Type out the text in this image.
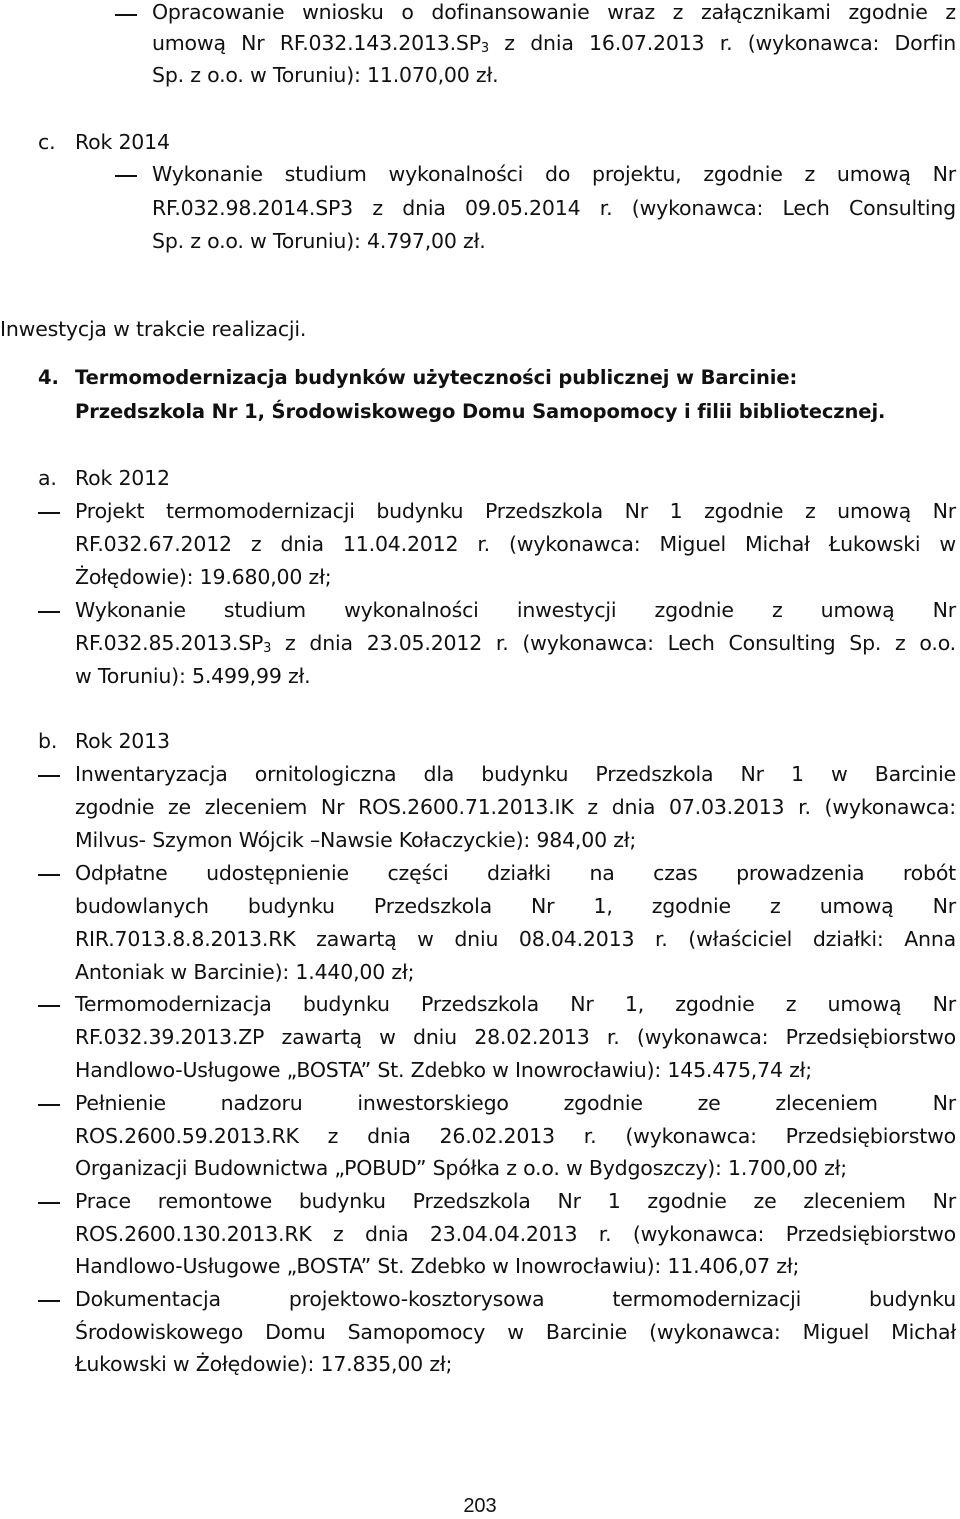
Opracowanie wniosku o dofinansowanie wraz z załącznikami zgodnie z
umową Nr RF.032.143.2013.SP3 z dnia 16.07.2013 r. (wykonawca: Dorfin
Sp. z o.o. w Toruniu): 11.070,00 zł.
c. Rok 2014
Wykonanie studium wykonalności do projektu, zgodnie z umową Nr
RF.032.98.2014.SP3 z dnia 09.05.2014 r. (wykonawca: Lech Consulting
Sp. z o.o. w Toruniu): 4.797,00 zł.
Inwestycja w trakcie realizacji.
4. Termomodernizacja budynków użyteczności publicznej w Barcinie:
Przedszkola Nr 1, Środowiskowego Domu Samopomocy i filii bibliotecznej.
a. Rok 2012
Projekt termomodernizacji budynku Przedszkola Nr 1 zgodnie z umową Nr
RF.032.67.2012 z dnia 11.04.2012 r. (wykonawca: Miguel Michał Łukowski w
Żołędowie): 19.680,00 zł;
Wykonanie studium wykonalności inwestycji zgodnie z umową Nr
RF.032.85.2013.SP3 z dnia 23.05.2012 r. (wykonawca: Lech Consulting Sp. z o.o.
w Toruniu): 5.499,99 zł.
b. Rok 2013
Inwentaryzacja ornitologiczna dla budynku Przedszkola Nr 1 w Barcinie
zgodnie ze zleceniem Nr ROS.2600.71.2013.IK z dnia 07.03.2013 r. (wykonawca:
Milvus- Szymon Wójcik –Nawsie Kołaczyckie): 984,00 zł;
Odpłatne udostępnienie części działki na czas prowadzenia robót
budowlanych budynku Przedszkola Nr 1, zgodnie z umową Nr
RIR.7013.8.8.2013.RK zawartą w dniu 08.04.2013 r. (właściciel działki: Anna
Antoniak w Barcinie): 1.440,00 zł;
Termomodernizacja budynku Przedszkola Nr 1, zgodnie z umową Nr
RF.032.39.2013.ZP zawartą w dniu 28.02.2013 r. (wykonawca: Przedsiębiorstwo
Handlowo-Usługowe „BOSTA” St. Zdebko w Inowrocławiu): 145.475,74 zł;
Pełnienie nadzoru inwestorskiego zgodnie ze zleceniem Nr
ROS.2600.59.2013.RK z dnia 26.02.2013 r. (wykonawca: Przedsiębiorstwo
Organizacji Budownictwa „POBUD” Spółka z o.o. w Bydgoszczy): 1.700,00 zł;
Prace remontowe budynku Przedszkola Nr 1 zgodnie ze zleceniem Nr
ROS.2600.130.2013.RK z dnia 23.04.04.2013 r. (wykonawca: Przedsiębiorstwo
Handlowo-Usługowe „BOSTA” St. Zdebko w Inowrocławiu): 11.406,07 zł;
Dokumentacja projektowo-kosztorysowa termomodernizacji budynku
Środowiskowego Domu Samopomocy w Barcinie (wykonawca: Miguel Michał
Łukowski w Żołędowie): 17.835,00 zł;
203
